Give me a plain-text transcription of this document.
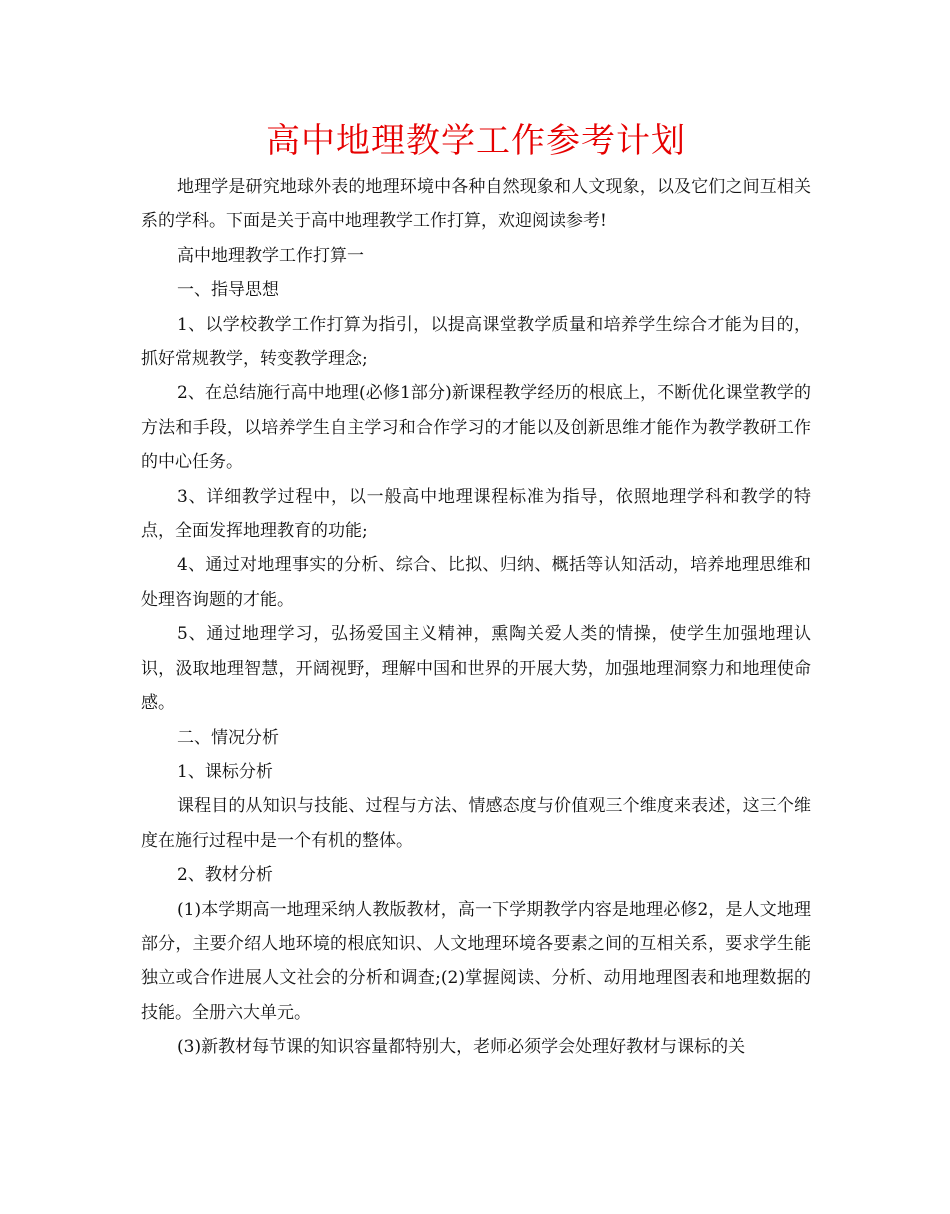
高中地理教学工作参考计划

地理学是研究地球外表的地理环境中各种自然现象和人文现象，以及它们之间互相关系的学科。下面是关于高中地理教学工作打算，欢迎阅读参考!

高中地理教学工作打算一

一、指导思想

1、以学校教学工作打算为指引，以提高课堂教学质量和培养学生综合才能为目的，抓好常规教学，转变教学理念;

2、在总结施行高中地理(必修1部分)新课程教学经历的根底上，不断优化课堂教学的方法和手段，以培养学生自主学习和合作学习的才能以及创新思维才能作为教学教研工作的中心任务。

3、详细教学过程中，以一般高中地理课程标准为指导，依照地理学科和教学的特点，全面发挥地理教育的功能;

4、通过对地理事实的分析、综合、比拟、归纳、概括等认知活动，培养地理思维和处理咨询题的才能。

5、通过地理学习，弘扬爱国主义精神，熏陶关爱人类的情操，使学生加强地理认识，汲取地理智慧，开阔视野，理解中国和世界的开展大势，加强地理洞察力和地理使命感。

二、情况分析

1、课标分析

课程目的从知识与技能、过程与方法、情感态度与价值观三个维度来表述，这三个维度在施行过程中是一个有机的整体。

2、教材分析

(1)本学期高一地理采纳人教版教材，高一下学期教学内容是地理必修2，是人文地理部分，主要介绍人地环境的根底知识、人文地理环境各要素之间的互相关系，要求学生能独立或合作进展人文社会的分析和调查;(2)掌握阅读、分析、动用地理图表和地理数据的技能。全册六大单元。

(3)新教材每节课的知识容量都特别大，老师必须学会处理好教材与课标的关
